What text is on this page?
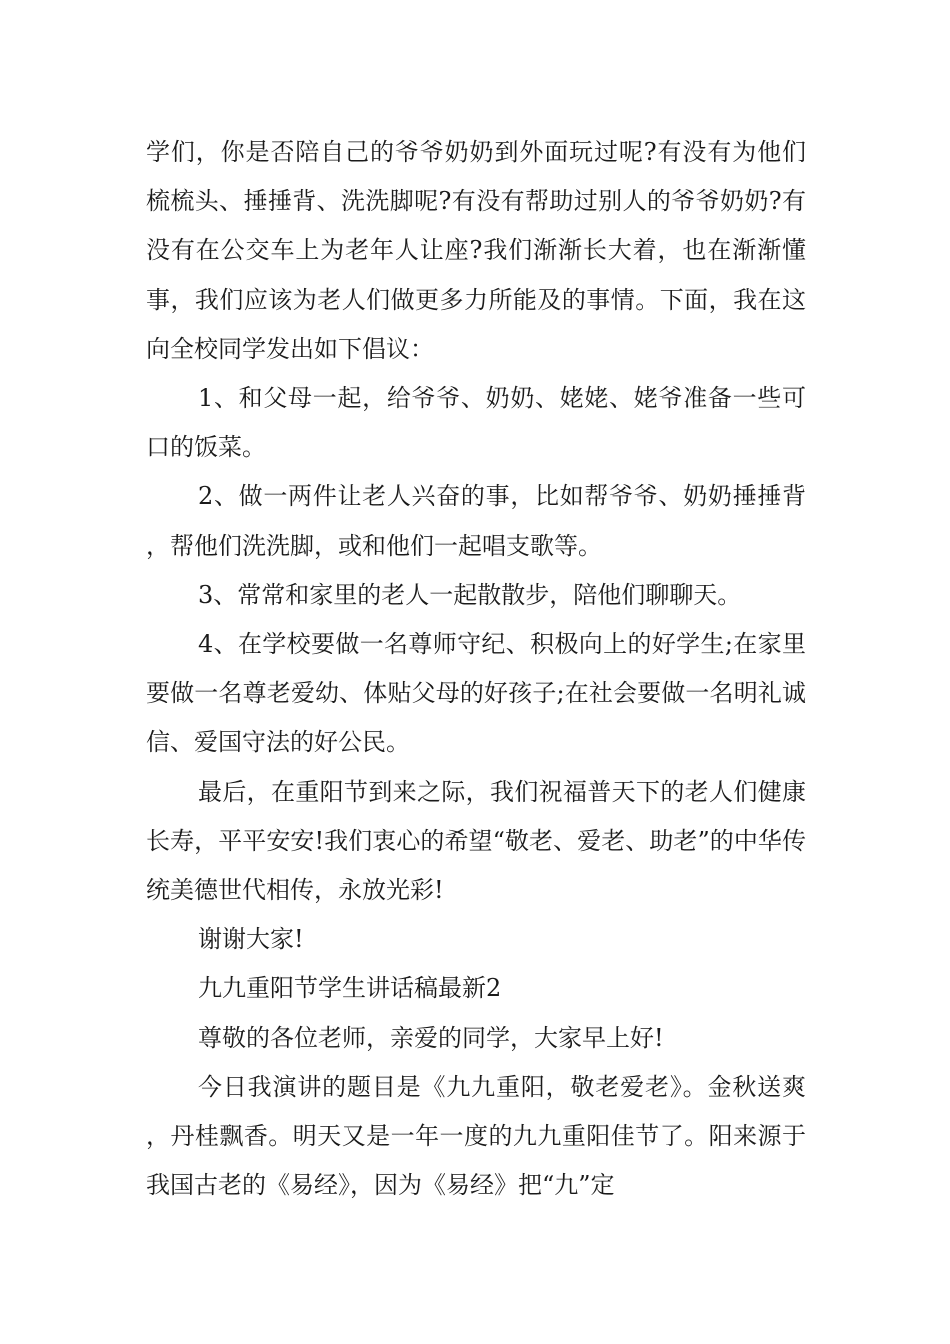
学们，你是否陪自己的爷爷奶奶到外面玩过呢?有没有为他们梳梳头、捶捶背、洗洗脚呢?有没有帮助过别人的爷爷奶奶?有没有在公交车上为老年人让座?我们渐渐长大着，也在渐渐懂事，我们应该为老人们做更多力所能及的事情。下面，我在这向全校同学发出如下倡议：

1、和父母一起，给爷爷、奶奶、姥姥、姥爷准备一些可口的饭菜。

2、做一两件让老人兴奋的事，比如帮爷爷、奶奶捶捶背，帮他们洗洗脚，或和他们一起唱支歌等。

3、常常和家里的老人一起散散步，陪他们聊聊天。

4、在学校要做一名尊师守纪、积极向上的好学生;在家里要做一名尊老爱幼、体贴父母的好孩子;在社会要做一名明礼诚信、爱国守法的好公民。

最后，在重阳节到来之际，我们祝福普天下的老人们健康长寿，平平安安!我们衷心的希望“敬老、爱老、助老”的中华传统美德世代相传，永放光彩!

谢谢大家!

九九重阳节学生讲话稿最新2

尊敬的各位老师，亲爱的同学，大家早上好!

今日我演讲的题目是《九九重阳，敬老爱老》。金秋送爽，丹桂飘香。明天又是一年一度的九九重阳佳节了。阳来源于我国古老的《易经》，因为《易经》把“九”定
